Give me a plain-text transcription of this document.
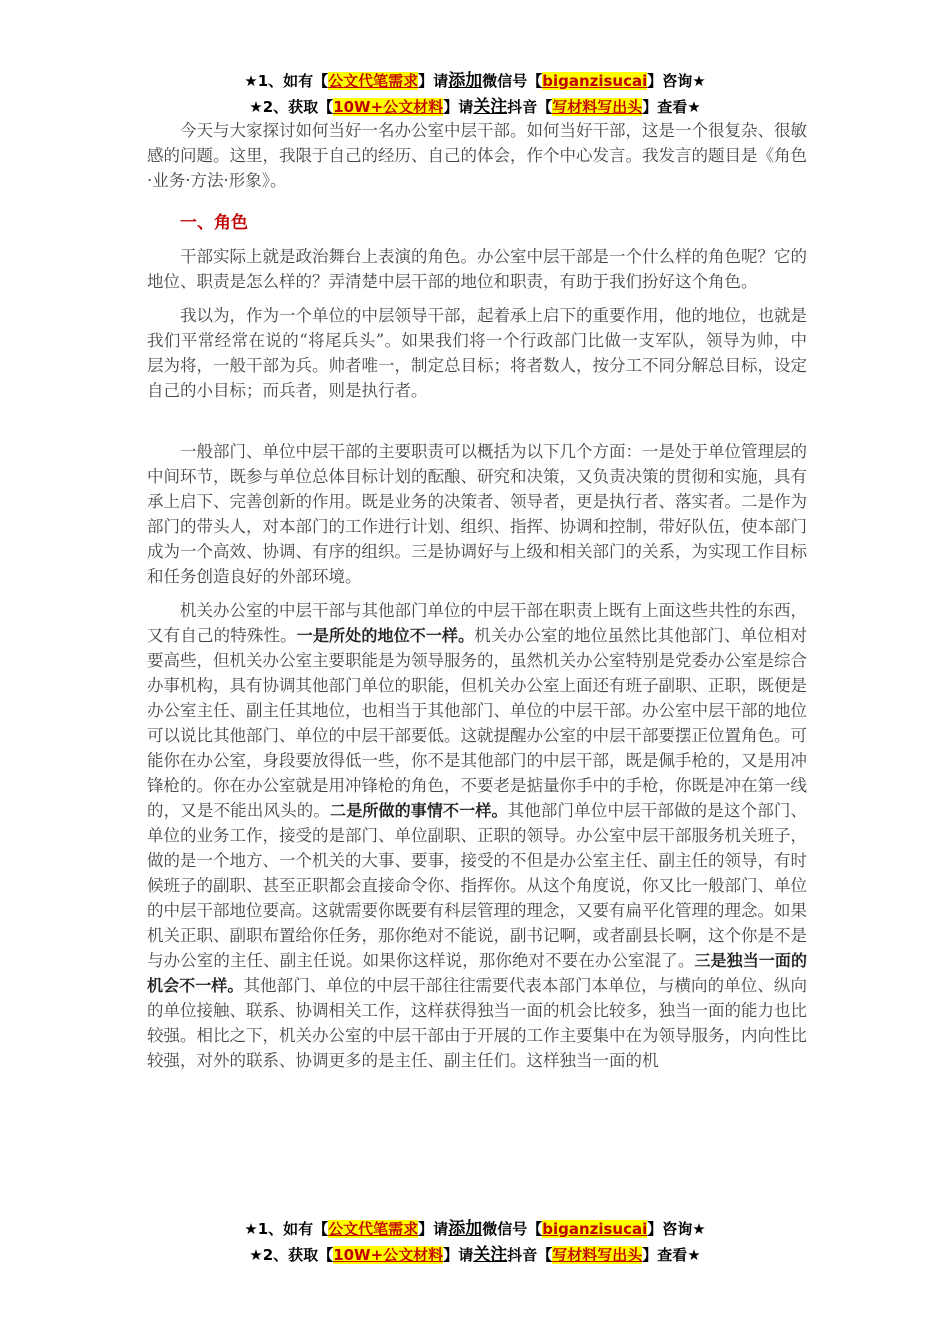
★1、如有【公文代笔需求】请添加微信号【biganzisucai】咨询★
★2、获取【10W+公文材料】请关注抖音【写材料写出头】查看★

今天与大家探讨如何当好一名办公室中层干部。如何当好干部，这是一个很复杂、很敏感的问题。这里，我限于自己的经历、自己的体会，作个中心发言。我发言的题目是《角色·业务·方法·形象》。

一、角色

干部实际上就是政治舞台上表演的角色。办公室中层干部是一个什么样的角色呢？它的地位、职责是怎么样的？弄清楚中层干部的地位和职责，有助于我们扮好这个角色。

我以为，作为一个单位的中层领导干部，起着承上启下的重要作用，他的地位，也就是我们平常经常在说的“将尾兵头”。如果我们将一个行政部门比做一支军队，领导为帅，中层为将，一般干部为兵。帅者唯一，制定总目标；将者数人，按分工不同分解总目标，设定自己的小目标；而兵者，则是执行者。

一般部门、单位中层干部的主要职责可以概括为以下几个方面：一是处于单位管理层的中间环节，既参与单位总体目标计划的酝酿、研究和决策，又负责决策的贯彻和实施，具有承上启下、完善创新的作用。既是业务的决策者、领导者，更是执行者、落实者。二是作为部门的带头人，对本部门的工作进行计划、组织、指挥、协调和控制，带好队伍，使本部门成为一个高效、协调、有序的组织。三是协调好与上级和相关部门的关系，为实现工作目标和任务创造良好的外部环境。

机关办公室的中层干部与其他部门单位的中层干部在职责上既有上面这些共性的东西，又有自己的特殊性。一是所处的地位不一样。机关办公室的地位虽然比其他部门、单位相对要高些，但机关办公室主要职能是为领导服务的，虽然机关办公室特别是党委办公室是综合办事机构，具有协调其他部门单位的职能，但机关办公室上面还有班子副职、正职，既便是办公室主任、副主任其地位，也相当于其他部门、单位的中层干部。办公室中层干部的地位可以说比其他部门、单位的中层干部要低。这就提醒办公室的中层干部要摆正位置角色。可能你在办公室，身段要放得低一些，你不是其他部门的中层干部，既是佩手枪的，又是用冲锋枪的。你在办公室就是用冲锋枪的角色，不要老是掂量你手中的手枪，你既是冲在第一线的，又是不能出风头的。二是所做的事情不一样。其他部门单位中层干部做的是这个部门、单位的业务工作，接受的是部门、单位副职、正职的领导。办公室中层干部服务机关班子，做的是一个地方、一个机关的大事、要事，接受的不但是办公室主任、副主任的领导，有时候班子的副职、甚至正职都会直接命令你、指挥你。从这个角度说，你又比一般部门、单位的中层干部地位要高。这就需要你既要有科层管理的理念，又要有扁平化管理的理念。如果机关正职、副职布置给你任务，那你绝对不能说，副书记啊，或者副县长啊，这个你是不是与办公室的主任、副主任说。如果你这样说，那你绝对不要在办公室混了。三是独当一面的机会不一样。其他部门、单位的中层干部往往需要代表本部门本单位，与横向的单位、纵向的单位接触、联系、协调相关工作，这样获得独当一面的机会比较多，独当一面的能力也比较强。相比之下，机关办公室的中层干部由于开展的工作主要集中在为领导服务，内向性比较强，对外的联系、协调更多的是主任、副主任们。这样独当一面的机

★1、如有【公文代笔需求】请添加微信号【biganzisucai】咨询★
★2、获取【10W+公文材料】请关注抖音【写材料写出头】查看★
